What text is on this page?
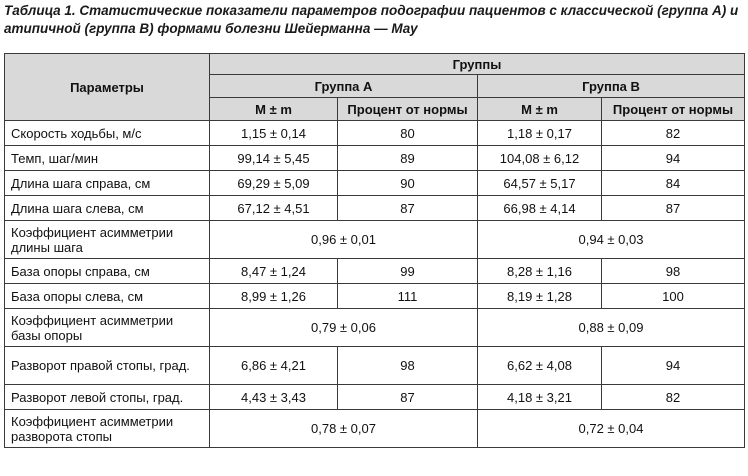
Таблица 1. Статистические показатели параметров подографии пациентов с классической (группа А) и атипичной (группа В) формами болезни Шейерманна — Мау
Параметры	Группы			
	Группа А		Группа В	
	M ± m	Процент от нормы	M ± m	Процент от нормы
Скорость ходьбы, м/с	1,15 ± 0,14	80	1,18 ± 0,17	82
Темп, шаг/мин	99,14 ± 5,45	89	104,08 ± 6,12	94
Длина шага справа, см	69,29 ± 5,09	90	64,57 ± 5,17	84
Длина шага слева, см	67,12 ± 4,51	87	66,98 ± 4,14	87
Коэффициент асимметрии длины шага	0,96 ± 0,01		0,94 ± 0,03	
База опоры справа, см	8,47 ± 1,24	99	8,28 ± 1,16	98
База опоры слева, см	8,99 ± 1,26	111	8,19 ± 1,28	100
Коэффициент асимметрии базы опоры	0,79 ± 0,06		0,88 ± 0,09	
Разворот правой стопы, град.	6,86 ± 4,21	98	6,62 ± 4,08	94
Разворот левой стопы, град.	4,43 ± 3,43	87	4,18 ± 3,21	82
Коэффициент асимметрии разворота стопы	0,78 ± 0,07		0,72 ± 0,04	
